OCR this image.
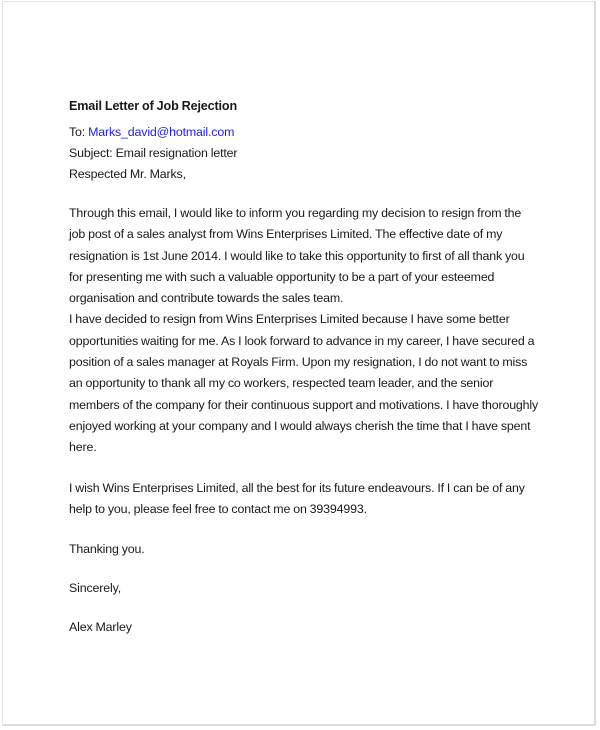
Email Letter of Job Rejection

To: Marks_david@hotmail.com

Subject: Email resignation letter

Respected Mr. Marks,

Through this email, I would like to inform you regarding my decision to resign from the
job post of a sales analyst from Wins Enterprises Limited. The effective date of my
resignation is 1st June 2014. I would like to take this opportunity to first of all thank you
for presenting me with such a valuable opportunity to be a part of your esteemed
organisation and contribute towards the sales team.

I have decided to resign from Wins Enterprises Limited because I have some better
opportunities waiting for me. As I look forward to advance in my career, I have secured a
position of a sales manager at Royals Firm. Upon my resignation, I do not want to miss
an opportunity to thank all my co workers, respected team leader, and the senior
members of the company for their continuous support and motivations. I have thoroughly
enjoyed working at your company and I would always cherish the time that I have spent
here.

I wish Wins Enterprises Limited, all the best for its future endeavours. If I can be of any
help to you, please feel free to contact me on 39394993.

Thanking you.

Sincerely,

Alex Marley
